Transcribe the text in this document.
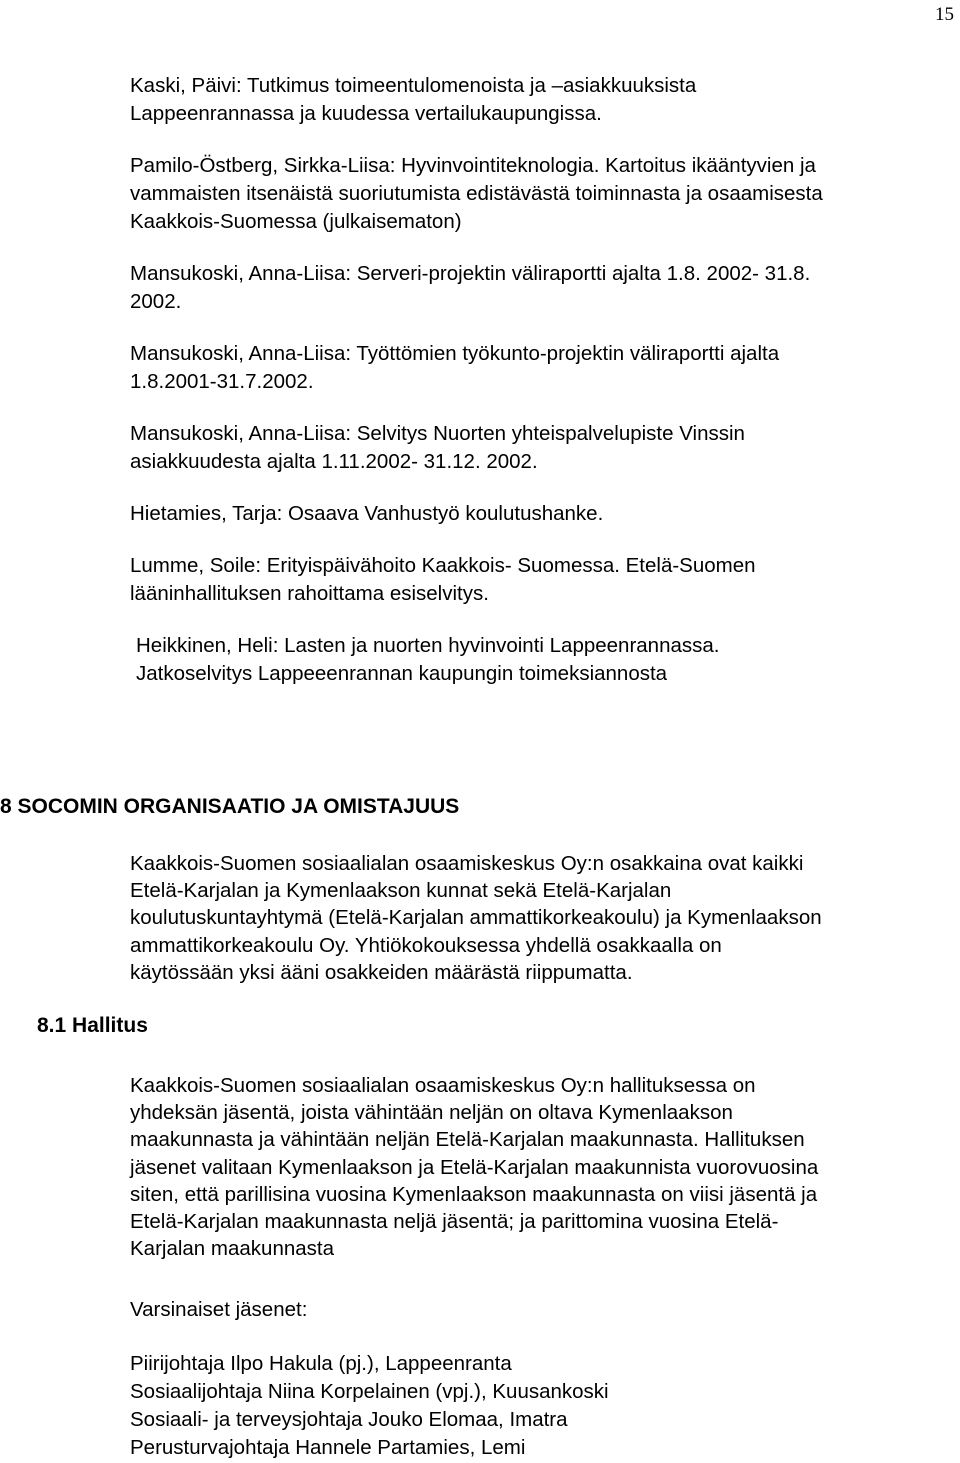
15
Kaski, Päivi: Tutkimus toimeentulomenoista ja –asiakkuuksista
Lappeenrannassa ja kuudessa vertailukaupungissa.
Pamilo-Östberg, Sirkka-Liisa: Hyvinvointiteknologia. Kartoitus ikääntyvien ja
vammaisten itsenäistä suoriutumista edistävästä toiminnasta ja osaamisesta
Kaakkois-Suomessa (julkaisematon)
Mansukoski, Anna-Liisa: Serveri-projektin väliraportti ajalta 1.8. 2002- 31.8.
2002.
Mansukoski, Anna-Liisa: Työttömien työkunto-projektin väliraportti ajalta
1.8.2001-31.7.2002.
Mansukoski, Anna-Liisa: Selvitys Nuorten yhteispalvelupiste Vinssin
asiakkuudesta ajalta 1.11.2002- 31.12. 2002.
Hietamies, Tarja: Osaava Vanhustyö koulutushanke.
Lumme, Soile: Erityispäivähoito Kaakkois- Suomessa. Etelä-Suomen
lääninhallituksen rahoittama esiselvitys.
Heikkinen, Heli: Lasten ja nuorten hyvinvointi Lappeenrannassa.
Jatkoselvitys Lappeeenrannan kaupungin toimeksiannosta
8 SOCOMIN ORGANISAATIO JA OMISTAJUUS
Kaakkois-Suomen sosiaalialan osaamiskeskus Oy:n osakkaina ovat kaikki
Etelä-Karjalan ja Kymenlaakson kunnat sekä Etelä-Karjalan
koulutuskuntayhtymä (Etelä-Karjalan ammattikorkeakoulu) ja Kymenlaakson
ammattikorkeakoulu Oy. Yhtiökokouksessa yhdellä osakkaalla on
käytössään yksi ääni osakkeiden määrästä riippumatta.
8.1 Hallitus
Kaakkois-Suomen sosiaalialan osaamiskeskus Oy:n hallituksessa on
yhdeksän jäsentä, joista vähintään neljän on oltava Kymenlaakson
maakunnasta ja vähintään neljän Etelä-Karjalan maakunnasta. Hallituksen
jäsenet valitaan Kymenlaakson ja Etelä-Karjalan maakunnista vuorovuosina
siten, että parillisina vuosina Kymenlaakson maakunnasta on viisi jäsentä ja
Etelä-Karjalan maakunnasta neljä jäsentä; ja parittomina vuosina Etelä-
Karjalan maakunnasta
Varsinaiset jäsenet:
Piirijohtaja Ilpo Hakula (pj.), Lappeenranta
Sosiaalijohtaja Niina Korpelainen (vpj.), Kuusankoski
Sosiaali- ja terveysjohtaja Jouko Elomaa, Imatra
Perusturvajohtaja Hannele Partamies, Lemi
